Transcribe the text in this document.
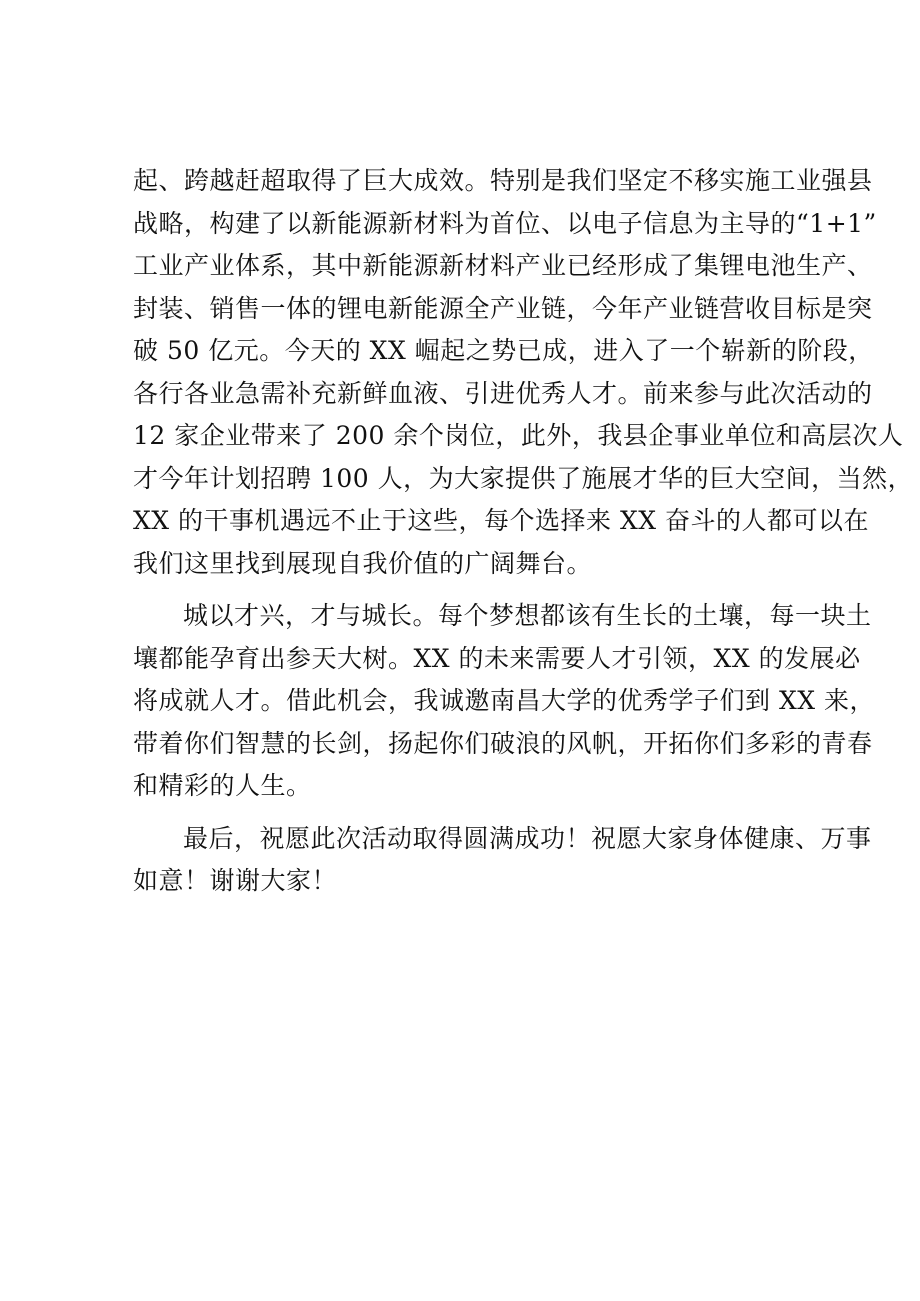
起、跨越赶超取得了巨大成效。特别是我们坚定不移实施工业强县
战略，构建了以新能源新材料为首位、以电子信息为主导的“1+1”
工业产业体系，其中新能源新材料产业已经形成了集锂电池生产、
封装、销售一体的锂电新能源全产业链，今年产业链营收目标是突
破 50 亿元。今天的 XX 崛起之势已成，进入了一个崭新的阶段，
各行各业急需补充新鲜血液、引进优秀人才。前来参与此次活动的
12 家企业带来了 200 余个岗位，此外，我县企事业单位和高层次人
才今年计划招聘 100 人，为大家提供了施展才华的巨大空间，当然，
XX 的干事机遇远不止于这些，每个选择来 XX 奋斗的人都可以在
我们这里找到展现自我价值的广阔舞台。

城以才兴，才与城长。每个梦想都该有生长的土壤，每一块土
壤都能孕育出参天大树。XX 的未来需要人才引领，XX 的发展必
将成就人才。借此机会，我诚邀南昌大学的优秀学子们到 XX 来，
带着你们智慧的长剑，扬起你们破浪的风帆，开拓你们多彩的青春
和精彩的人生。

最后，祝愿此次活动取得圆满成功！祝愿大家身体健康、万事
如意！谢谢大家！
